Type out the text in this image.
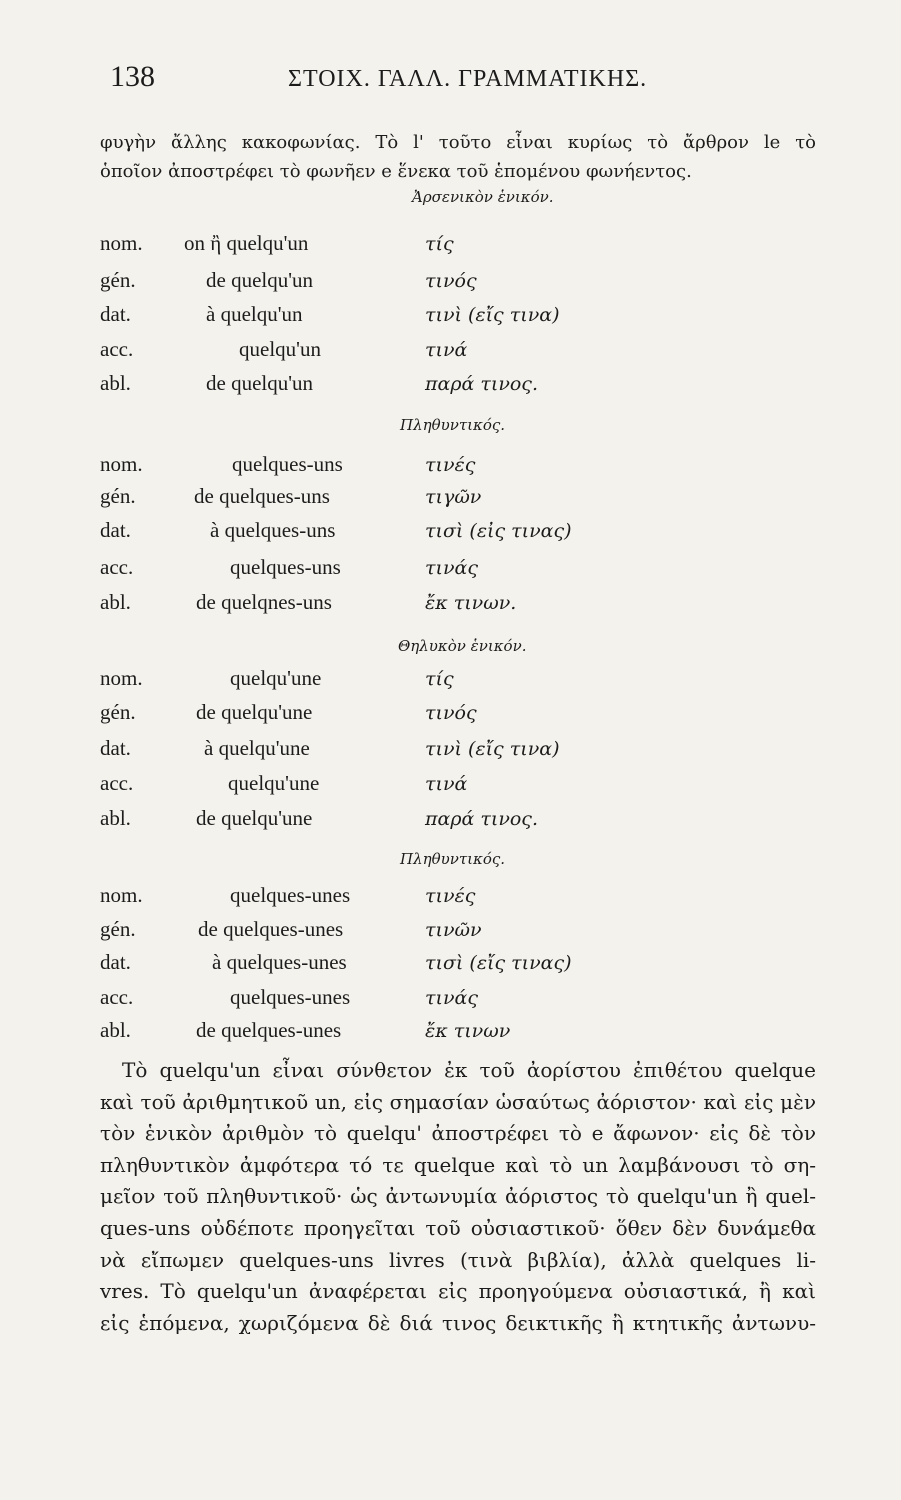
138	ΣΤΟΙΧ. ΓΑΛΛ. ΓΡΑΜΜΑΤΙΚΗΣ.
φυγὴν ἄλλης κακοφωνίας. Τὸ l' τοῦτο εἶναι κυρίως τὸ ἄρθρον le τὸ
ὁποῖον ἀποστρέφει τὸ φωνῆεν e ἕνεκα τοῦ ἑπομένου φωνήεντος.
Ἀρσενικὸν ἑνικόν.
nom. on ἢ quelqu'un	τίς
gén.	de quelqu'un	τινός
dat.	à quelqu'un	τινὶ (εἴς τινα)
acc.	quelqu'un	τινά
abl.	de quelqu'un	παρά τινος.
Πληθυντικός.
nom.	quelques-uns	τινές
gén.	de quelques-uns	τιγῶν
dat.	à quelques-uns	τισὶ (εἰς τινας)
acc.	quelques-uns	τινάς
abl.	de quelqnes-uns	ἔκ τινων.
Θηλυκὸν ἑνικόν.
nom.	quelqu'une	τίς
gén.	de quelqu'une	τινός
dat.	à quelqu'une	τινὶ (εἴς τινα)
acc.	quelqu'une	τινά
abl.	de quelqu'une	παρά τινος.
Πληθυντικός.
nom.	quelques-unes	τινές
gén.	de quelques-unes	τινῶν
dat.	à quelques-unes	τισὶ (εἴς τινας)
acc.	quelques-unes	τινάς
abl.	de quelques-unes	ἔκ τινων
Τὸ quelqu'un εἶναι σύνθετον ἐκ τοῦ ἀορίστου ἐπιθέτου quelque
καὶ τοῦ ἀριθμητικοῦ un, εἰς σημασίαν ὡσαύτως ἀόριστον· καὶ εἰς μὲν
τὸν ἑνικὸν ἀριθμὸν τὸ quelqu' ἀποστρέφει τὸ e ἄφωνον· εἰς δὲ τὸν
πληθυντικὸν ἀμφότερα τό τε quelque καὶ τὸ un λαμβάνουσι τὸ ση-
μεῖον τοῦ πληθυντικοῦ· ὡς ἀντωνυμία ἀόριστος τὸ quelqu'un ἢ quel-
ques-uns οὐδέποτε προηγεῖται τοῦ οὐσιαστικοῦ· ὅθεν δὲν δυνάμεθα
νὰ εἴπωμεν quelques-uns livres (τινὰ βιβλία), ἀλλὰ quelques li-
vres. Τὸ quelqu'un ἀναφέρεται εἰς προηγούμενα οὐσιαστικά, ἢ καὶ
εἰς ἑπόμενα, χωριζόμενα δὲ διά τινος δεικτικῆς ἢ κτητικῆς ἀντωνυ-
